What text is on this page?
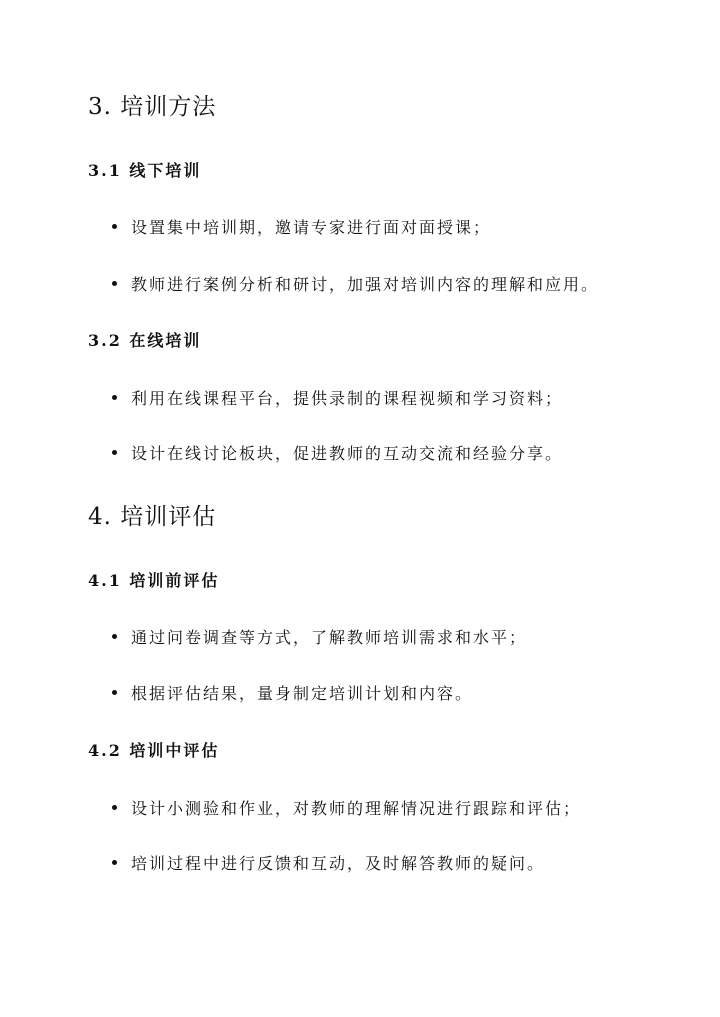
3. 培训方法
3.1 线下培训
设置集中培训期，邀请专家进行面对面授课；
教师进行案例分析和研讨，加强对培训内容的理解和应用。
3.2 在线培训
利用在线课程平台，提供录制的课程视频和学习资料；
设计在线讨论板块，促进教师的互动交流和经验分享。
4. 培训评估
4.1 培训前评估
通过问卷调查等方式，了解教师培训需求和水平；
根据评估结果，量身制定培训计划和内容。
4.2 培训中评估
设计小测验和作业，对教师的理解情况进行跟踪和评估；
培训过程中进行反馈和互动，及时解答教师的疑问。
